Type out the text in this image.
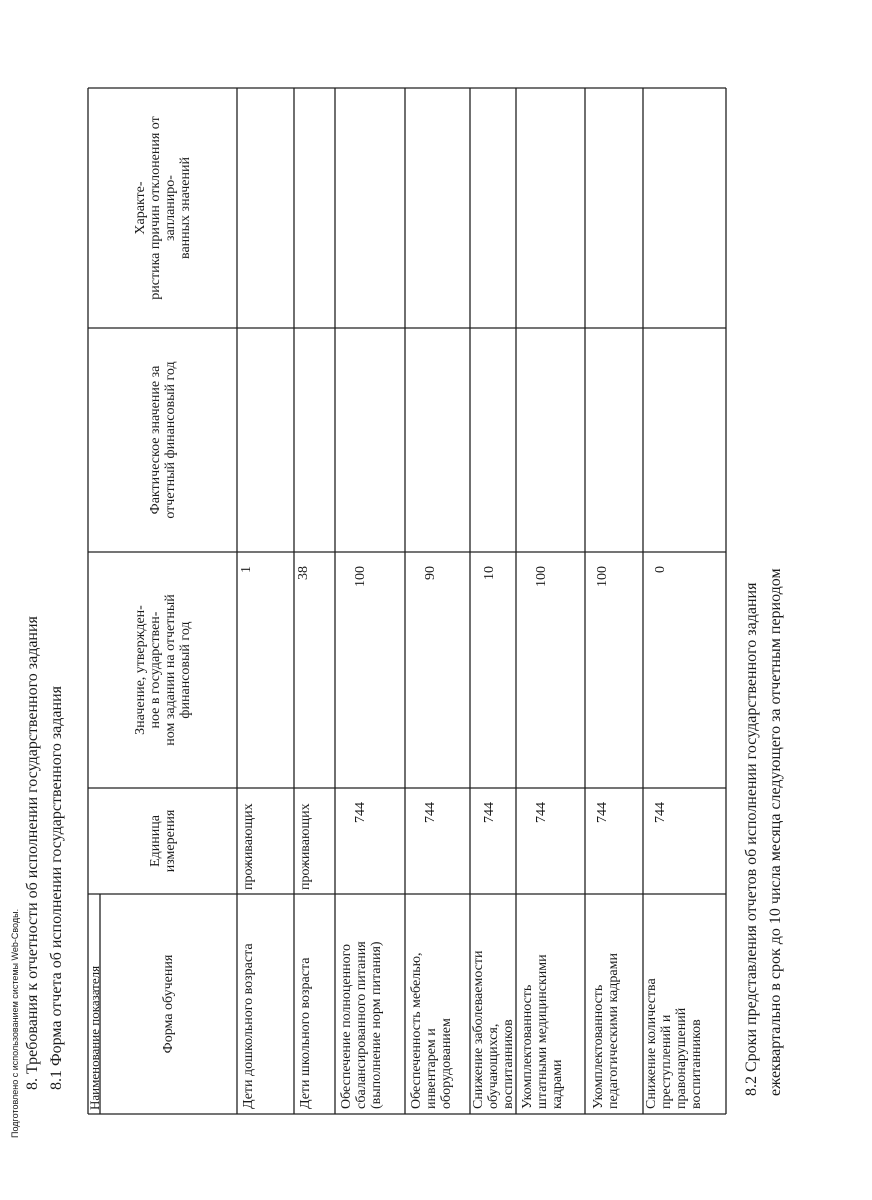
Подготовлено с использованием системы Web-Своды. 8. Требования к отчетности об исполнении государственного задания 8.1 Форма отчета об исполнении государственного задания Наименование показателя	Форма обучения
Единица
измерения
Значение, утвержден-
ное в государствен-
ном задании на отчетный
финансовый год
Фактическое значение за
отчетный финансовый год
Характе-
ристика причин отклонения от
запланиро-
ванных значений
Дети дошкольного возраста
проживающих
1
Дети школьного возраста
проживающих
38
Обеспечение полноценного
сбалансированного питания
(выполнение норм питания)
744
100
Обеспеченность мебелью,
инвентарем и
оборудованием
744
90
Снижение заболеваемости
обучающихся,
воспитанников
744
10
Укомплектованность
штатными медицинскими
кадрами
744
100
Укомплектованность
педагогическими кадрами
744
100
Снижение количества
преступлений и
правонарушений
воспитанников
744
0
8.2 Сроки представления отчетов об исполнении государственного задания ежеквартально в срок до 10 числа месяца следующего за отчетным периодом
